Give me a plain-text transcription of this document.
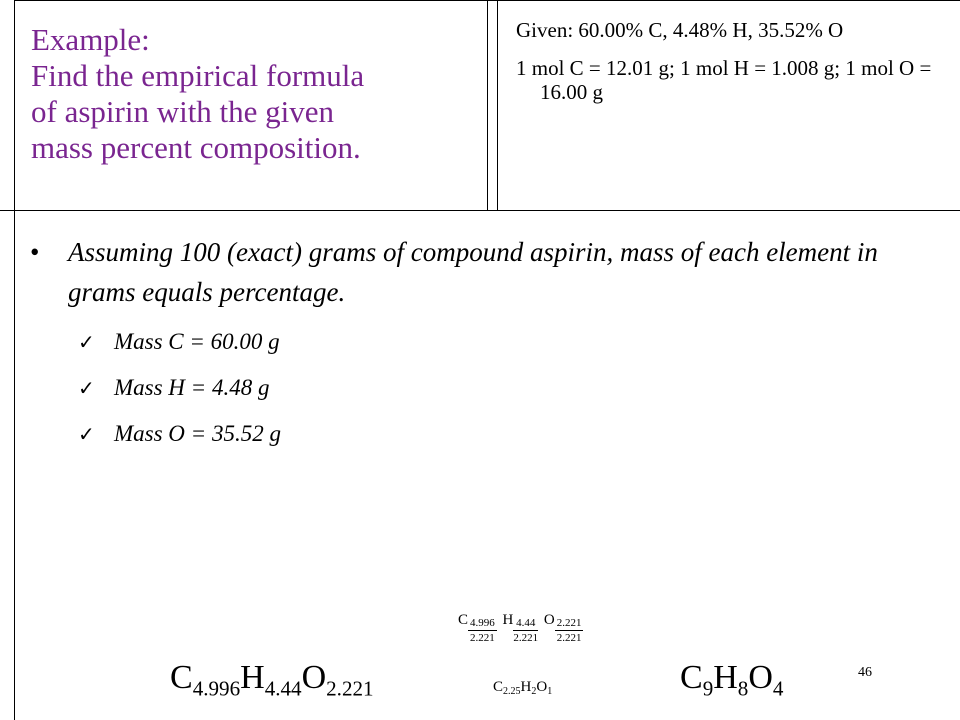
Example:
Find the empirical formula
of aspirin with the given
mass percent composition.
Given: 60.00% C, 4.48% H, 35.52% O
1 mol C = 12.01 g; 1 mol H = 1.008 g; 1 mol O = 16.00 g
• Assuming 100 (exact) grams of compound aspirin, mass of each element in grams equals percentage.
✓ Mass C = 60.00 g
✓ Mass H = 4.48 g
✓ Mass O = 35.52 g
$C_{4.996}H_{4.44}O_{2.221}$
C $\frac{4.996}{2.221}$ H $\frac{4.44}{2.221}$ O $\frac{2.221}{2.221}$
$C_{2.25}H_2O_1$	$C_9H_8O_4$
46
